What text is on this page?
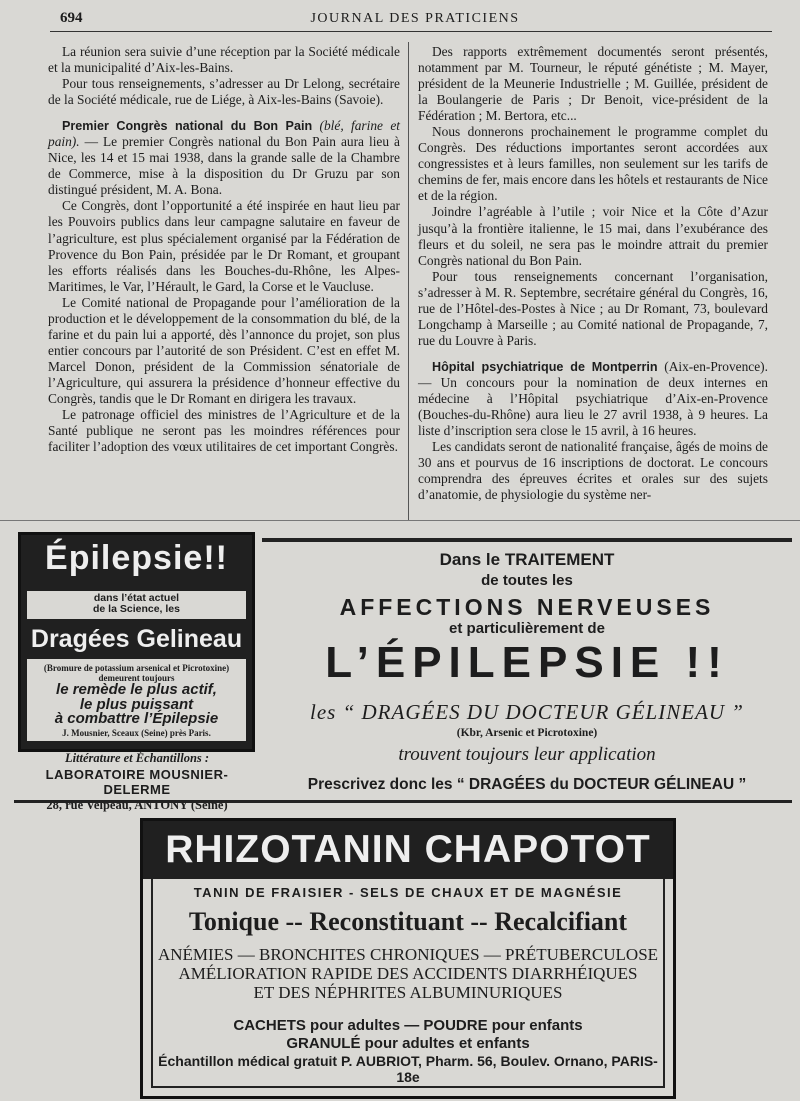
694	JOURNAL DES PRATICIENS

La réunion sera suivie d’une réception par la Société médicale et la municipalité d’Aix-les-Bains.

Pour tous renseignements, s’adresser au Dr Lelong, secrétaire de la Société médicale, rue de Liége, à Aix-les-Bains (Savoie).

Premier Congrès national du Bon Pain (blé, farine et pain). — Le premier Congrès national du Bon Pain aura lieu à Nice, les 14 et 15 mai 1938, dans la grande salle de la Chambre de Commerce, mise à la disposition du Dr Gruzu par son distingué président, M. A. Bona.

Ce Congrès, dont l’opportunité a été inspirée en haut lieu par les Pouvoirs publics dans leur campagne salutaire en faveur de l’agriculture, est plus spécialement organisé par la Fédération de Provence du Bon Pain, présidée par le Dr Romant, et groupant les efforts réalisés dans les Bouches-du-Rhône, les Alpes-Maritimes, le Var, l’Hérault, le Gard, la Corse et le Vaucluse.

Le Comité national de Propagande pour l’amélioration de la production et le développement de la consommation du blé, de la farine et du pain lui a apporté, dès l’annonce du projet, son plus entier concours par l’autorité de son Président. C’est en effet M. Marcel Donon, président de la Commission sénatoriale de l’Agriculture, qui assurera la présidence d’honneur effective du Congrès, tandis que le Dr Romant en dirigera les travaux.

Le patronage officiel des ministres de l’Agriculture et de la Santé publique ne seront pas les moindres références pour faciliter l’adoption des vœux utilitaires de cet important Congrès.

Des rapports extrêmement documentés seront présentés, notamment par M. Tourneur, le réputé génétiste ; M. Mayer, président de la Meunerie Industrielle ; M. Guillée, président de la Boulangerie de Paris ; Dr Benoit, vice-président de la Fédération ; M. Bertora, etc...

Nous donnerons prochainement le programme complet du Congrès. Des réductions importantes seront accordées aux congressistes et à leurs familles, non seulement sur les tarifs de chemins de fer, mais encore dans les hôtels et restaurants de Nice et de la région.

Joindre l’agréable à l’utile ; voir Nice et la Côte d’Azur jusqu’à la frontière italienne, le 15 mai, dans l’exubérance des fleurs et du soleil, ne sera pas le moindre attrait du premier Congrès national du Bon Pain.

Pour tous renseignements concernant l’organisation, s’adresser à M. R. Septembre, secrétaire général du Congrès, 16, rue de l’Hôtel-des-Postes à Nice ; au Dr Romant, 73, boulevard Longchamp à Marseille ; au Comité national de Propagande, 7, rue du Louvre à Paris.

Hôpital psychiatrique de Montperrin (Aix-en-Provence). — Un concours pour la nomination de deux internes en médecine à l’Hôpital psychiatrique d’Aix-en-Provence (Bouches-du-Rhône) aura lieu le 27 avril 1938, à 9 heures. La liste d’inscription sera close le 15 avril, à 16 heures.

Les candidats seront de nationalité française, âgés de moins de 30 ans et pourvus de 16 inscriptions de doctorat. Le concours comprendra des épreuves écrites et orales sur des sujets d’anatomie, de physiologie du système ner-

Épilepsie!!
dans l’état actuel
de la Science, les
Dragées Gelineau
(Bromure de potassium arsenical et Picrotoxine)
demeurent toujours
le remède le plus actif,
le plus puissant
à combattre l’Épilepsie
J. Mousnier, Sceaux (Seine) près Paris.
Littérature et Échantillons :
LABORATOIRE MOUSNIER-DELERME
28, rue Velpeau, ANTONY (Seine)
Dans le TRAITEMENT
de toutes les
AFFECTIONS NERVEUSES
et particulièrement de
L’ÉPILEPSIE !!
les “ DRAGÉES DU DOCTEUR GÉLINEAU ”
(Kbr, Arsenic et Picrotoxine)
trouvent toujours leur application
Prescrivez donc les “ DRAGÉES du DOCTEUR GÉLINEAU ”
RHIZOTANIN CHAPOTOT
TANIN DE FRAISIER - SELS DE CHAUX ET DE MAGNÉSIE
Tonique -- Reconstituant -- Recalcifiant
ANÉMIES — BRONCHITES CHRONIQUES — PRÉTUBERCULOSE
AMÉLIORATION RAPIDE DES ACCIDENTS DIARRHÉIQUES
ET DES NÉPHRITES ALBUMINURIQUES
CACHETS pour adultes — POUDRE pour enfants
GRANULÉ pour adultes et enfants
Échantillon médical gratuit P. AUBRIOT, Pharm. 56, Boulev. Ornano, PARIS-18e
